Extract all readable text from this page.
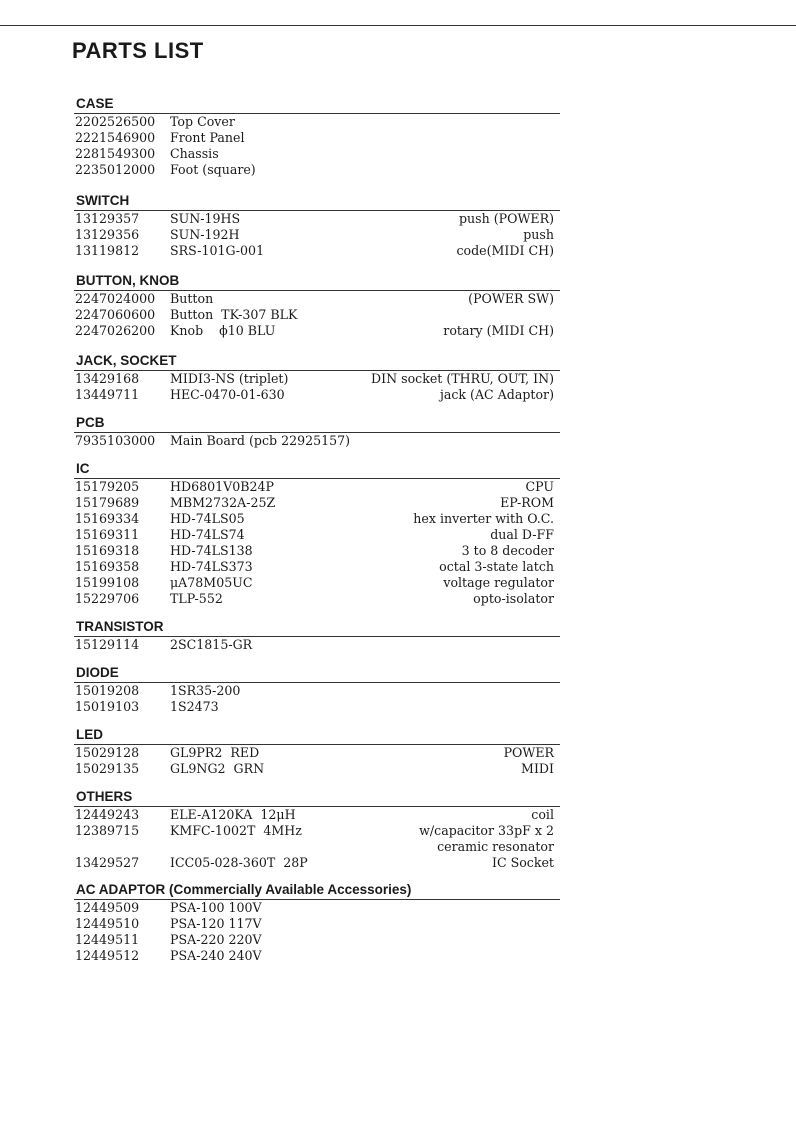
PARTS LIST
CASE
2202526500 Top Cover
2221546900 Front Panel
2281549300 Chassis
2235012000 Foot (square)
SWITCH
13129357 SUN-19HS	push (POWER)
13129356 SUN-192H	push
13119812 SRS-101G-001	code(MIDI CH)
BUTTON, KNOB
2247024000 Button	(POWER SW)
2247060600 Button  TK-307 BLK
2247026200 Knob    ϕ10 BLU	rotary (MIDI CH)
JACK, SOCKET
13429168 MIDI3-NS (triplet)	DIN socket (THRU, OUT, IN)
13449711 HEC-0470-01-630	jack (AC Adaptor)
PCB
7935103000 Main Board (pcb 22925157)
IC
15179205 HD6801V0B24P	CPU
15179689 MBM2732A-25Z	EP-ROM
15169334 HD-74LS05	hex inverter with O.C.
15169311 HD-74LS74	dual D-FF
15169318 HD-74LS138	3 to 8 decoder
15169358 HD-74LS373	octal 3-state latch
15199108 μA78M05UC	voltage regulator
15229706 TLP-552	opto-isolator
TRANSISTOR
15129114 2SC1815-GR
DIODE
15019208 1SR35-200
15019103 1S2473
LED
15029128 GL9PR2  RED	POWER
15029135 GL9NG2  GRN	MIDI
OTHERS
12449243 ELE-A120KA  12μH	coil
12389715 KMFC-1002T  4MHz	w/capacitor 33pF x 2
ceramic resonator
13429527 ICC05-028-360T  28P	IC Socket
AC ADAPTOR (Commercially Available Accessories)
12449509 PSA-100 100V
12449510 PSA-120 117V
12449511 PSA-220 220V
12449512 PSA-240 240V
